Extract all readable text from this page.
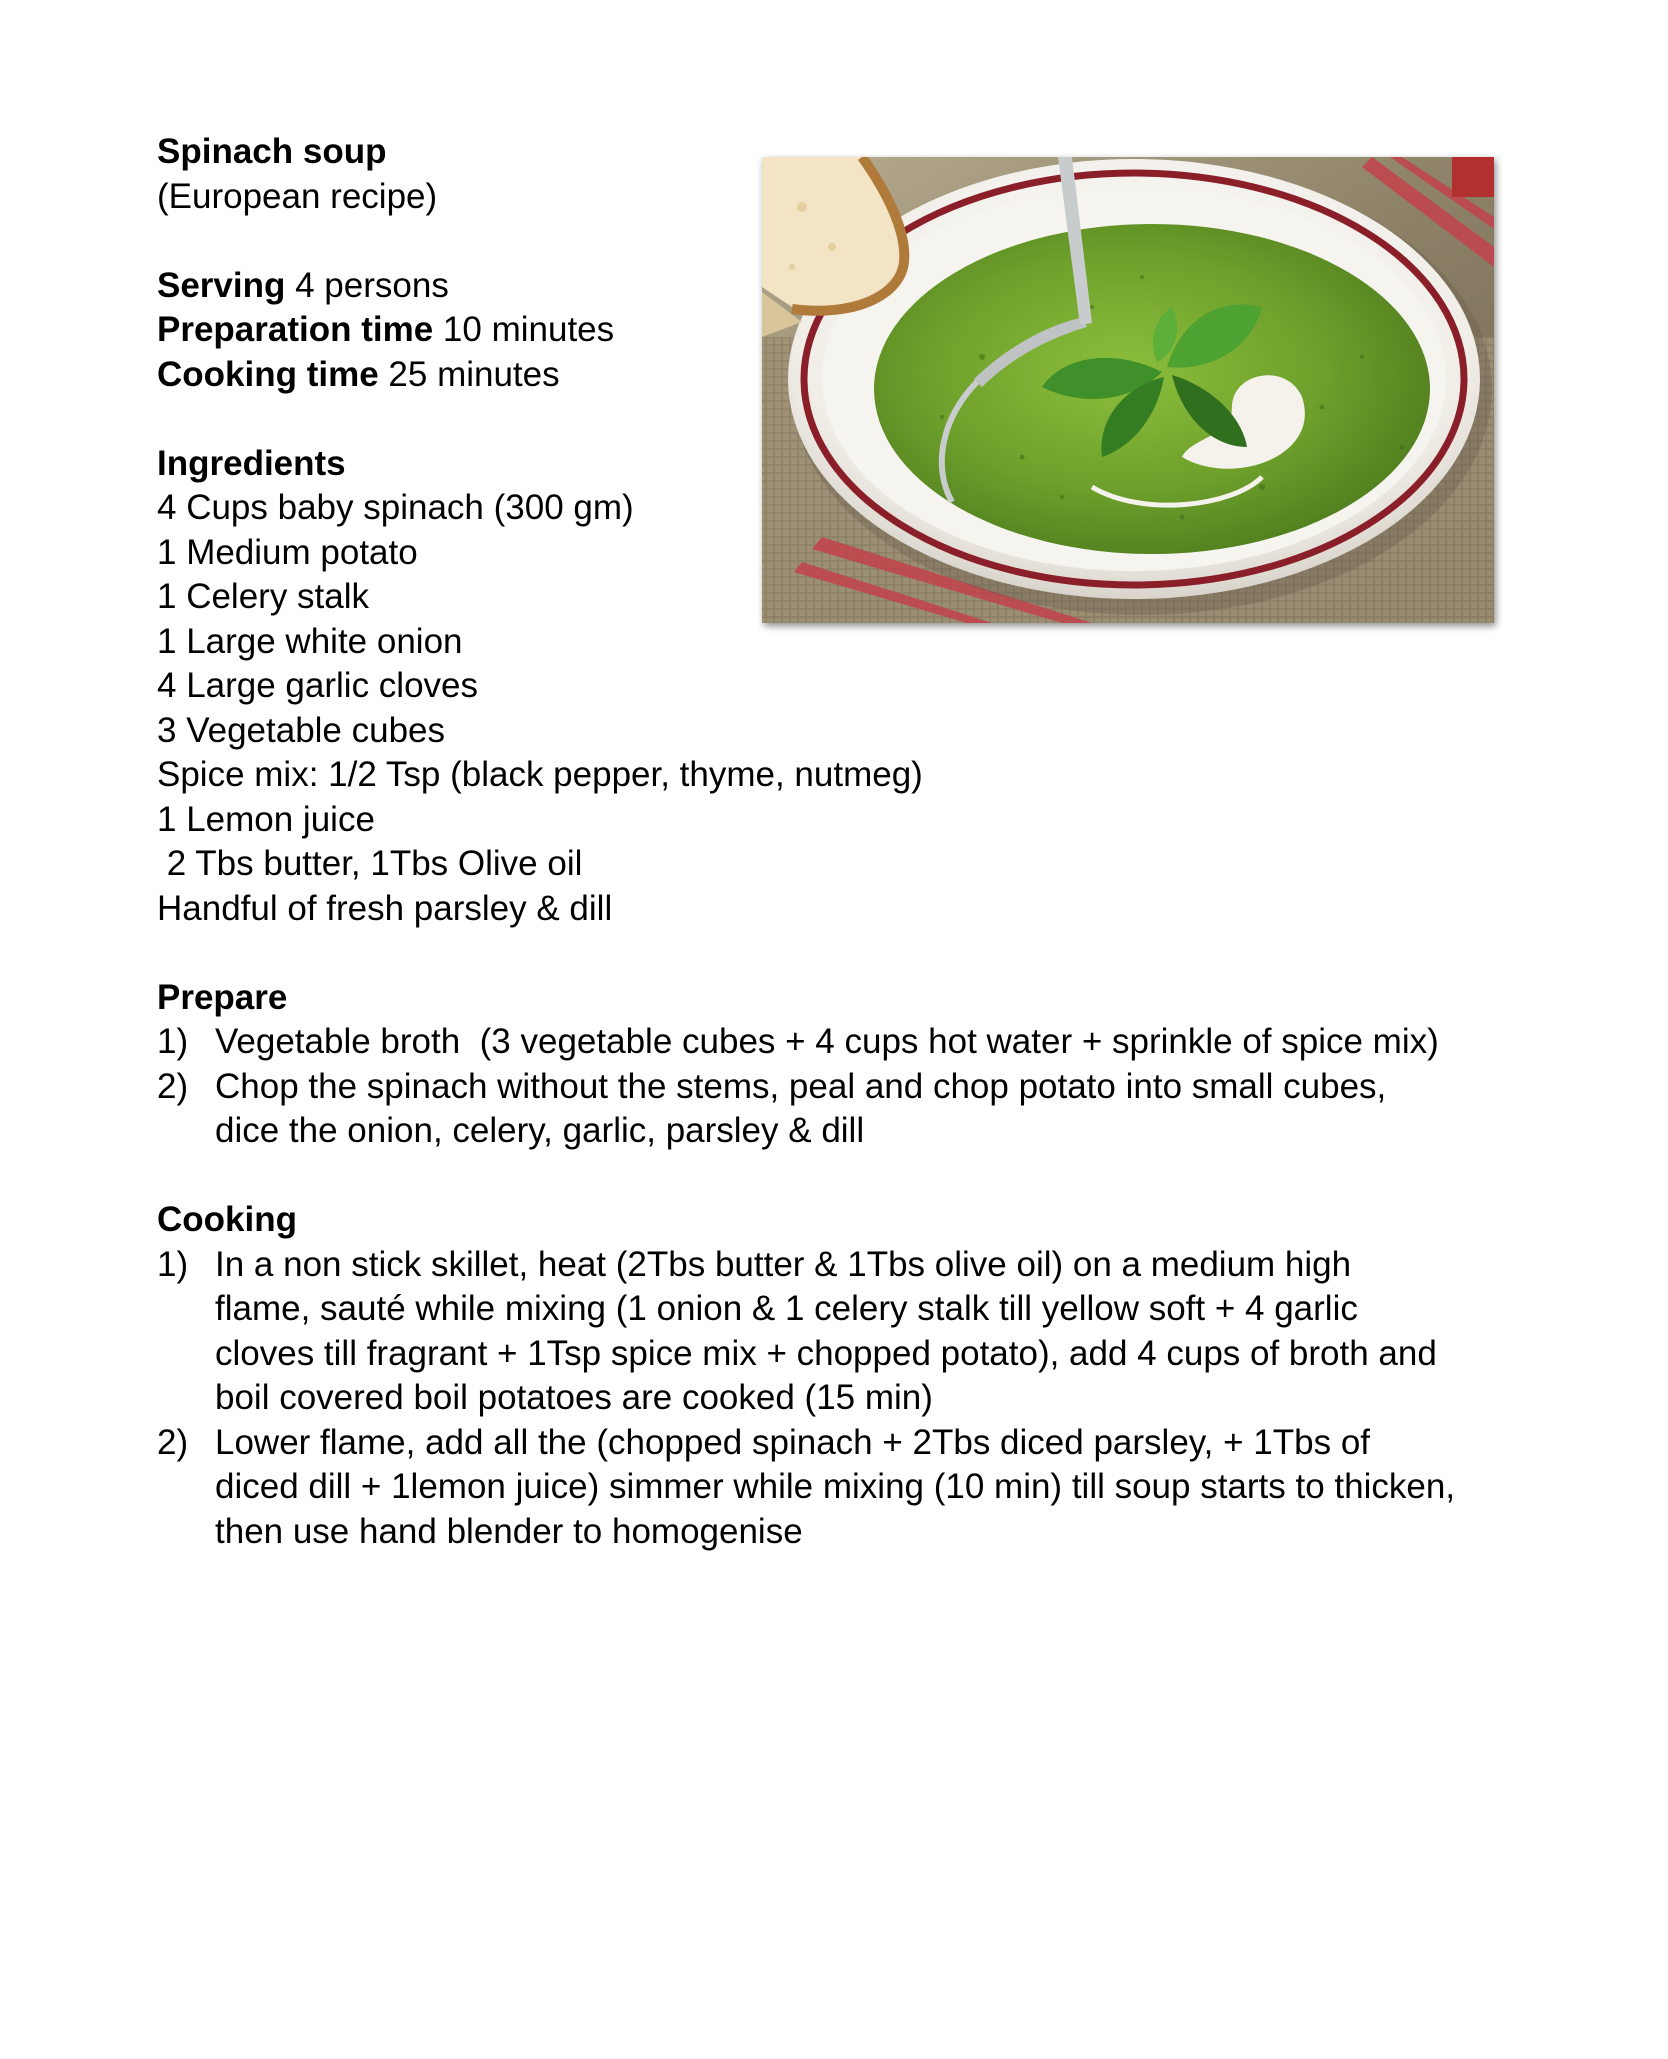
Spinach soup
(European recipe)
Serving 4 persons
Preparation time 10 minutes
Cooking time 25 minutes
Ingredients
4 Cups baby spinach (300 gm)
1 Medium potato
1 Celery stalk
1 Large white onion
4 Large garlic cloves
3 Vegetable cubes
Spice mix: 1/2 Tsp (black pepper, thyme, nutmeg)
1 Lemon juice
2 Tbs butter, 1Tbs Olive oil
Handful of fresh parsley & dill
Prepare
1) Vegetable broth  (3 vegetable cubes + 4 cups hot water + sprinkle of spice mix)
2) Chop the spinach without the stems, peal and chop potato into small cubes,
dice the onion, celery, garlic, parsley & dill
Cooking
1) In a non stick skillet, heat (2Tbs butter & 1Tbs olive oil) on a medium high
flame, sauté while mixing (1 onion & 1 celery stalk till yellow soft + 4 garlic
cloves till fragrant + 1Tsp spice mix + chopped potato), add 4 cups of broth and
boil covered boil potatoes are cooked (15 min)
2) Lower flame, add all the (chopped spinach + 2Tbs diced parsley, + 1Tbs of
diced dill + 1lemon juice) simmer while mixing (10 min) till soup starts to thicken,
then use hand blender to homogenise
